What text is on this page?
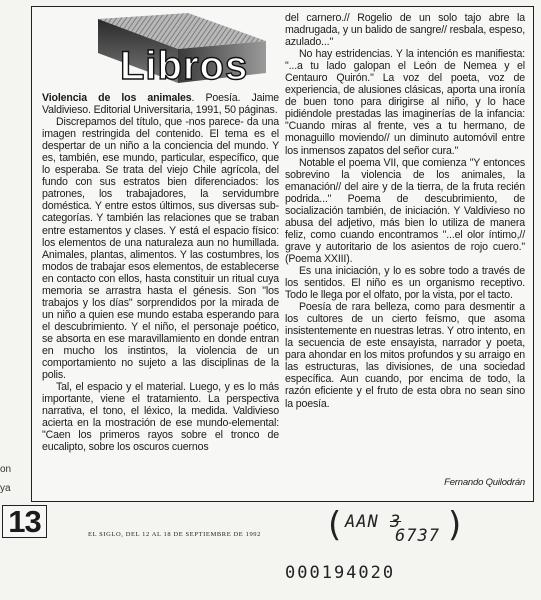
Libros

Violencia de los animales. Poesía. Jaime Valdivieso. Editorial Universitaria, 1991, 50 páginas.

Discrepamos del título, que -nos parece- da una imagen restringida del contenido. El tema es el despertar de un niño a la conciencia del mundo. Y es, también, ese mundo, particular, específico, que lo esperaba. Se trata del viejo Chile agrícola, del fundo con sus estratos bien diferenciados: los patrones, los trabajadores, la servidumbre doméstica. Y entre estos últimos, sus diversas sub-categorías. Y también las relaciones que se traban entre estamentos y clases. Y está el espacio físico: los elementos de una naturaleza aun no humillada. Animales, plantas, alimentos. Y las costumbres, los modos de trabajar esos elementos, de establecerse en contacto con ellos, hasta constituir un ritual cuya memoria se arrastra hasta el génesis. Son "los trabajos y los días" sorprendidos por la mirada de un niño a quien ese mundo estaba esperando para el descubrimiento. Y el niño, el personaje poético, se absorta en ese maravillamiento en donde entran en mucho los instintos, la violencia de un comportamiento no sujeto a las disciplinas de la polis.

Tal, el espacio y el material. Luego, y es lo más importante, viene el tratamiento. La perspectiva narrativa, el tono, el léxico, la medida. Valdivieso acierta en la mostración de ese mundo-elemental: "Caen los primeros rayos sobre el tronco de eucalipto, sobre los oscuros cuernos

del carnero.// Rogelio de un solo tajo abre la madrugada, y un balido de sangre// resbala, espeso, azulado..."

No hay estridencias. Y la intención es manifiesta: "...a tu lado galopan el León de Nemea y el Centauro Quirón." La voz del poeta, voz de experiencia, de alusiones clásicas, aporta una ironía de buen tono para dirigirse al niño, y lo hace pidiéndole prestadas las imaginerías de la infancia: "Cuando miras al frente, ves a tu hermano, de monaguillo moviendo// un diminuto automóvil entre los inmensos zapatos del señor cura."

Notable el poema VII, que comienza "Y entonces sobrevino la violencia de los animales, la emanación// del aire y de la tierra, de la fruta recién podrida..." Poema de descubrimiento, de socialización también, de iniciación. Y Valdivieso no abusa del adjetivo, más bien lo utiliza de manera feliz, como cuando encontramos "...el olor íntimo,// grave y autoritario de los asientos de rojo cuero." (Poema XXIII).

Es una iniciación, y lo es sobre todo a través de los sentidos. El niño es un organismo receptivo. Todo le llega por el olfato, por la vista, por el tacto.

Poesía de rara belleza, como para desmentir a los cultores de un cierto feísmo, que asoma insistentemente en nuestras letras. Y otro intento, en la secuencia de este ensayista, narrador y poeta, para ahondar en los mitos profundos y su arraigo en las estructuras, las divisiones, de una sociedad específica. Aun cuando, por encima de todo, la razón eficiente y el fruto de esta obra no sean sino la poesía.

Fernando Quilodrán
on
ya
13	EL SIGLO, DEL 12 AL 18 DE SEPTIEMBRE DE 1992 (	)
AAN 3
6737
000194020
